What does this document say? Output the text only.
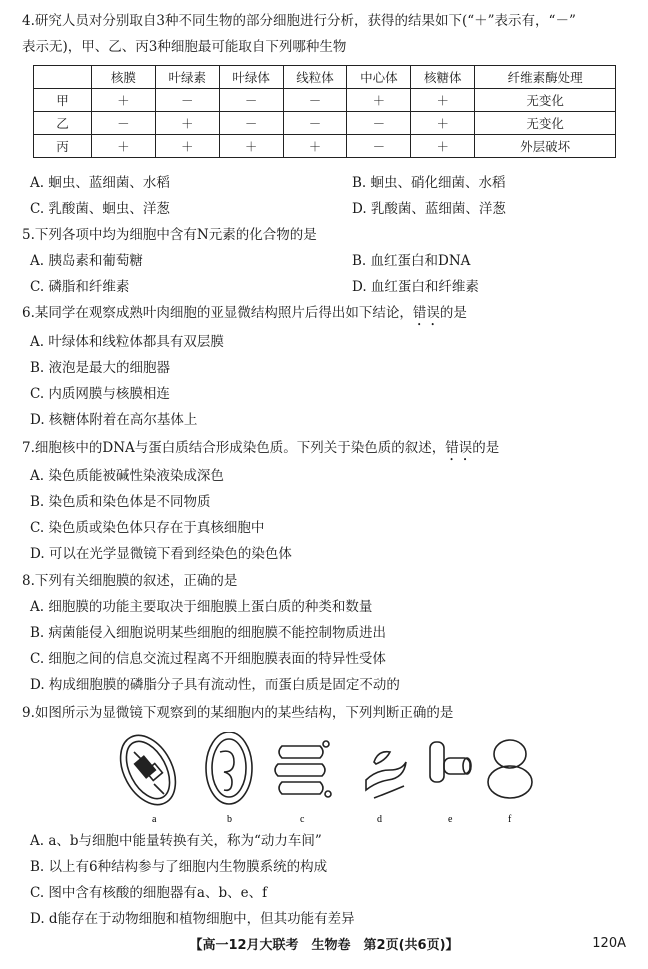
4.研究人员对分别取自3种不同生物的部分细胞进行分析，获得的结果如下(“＋”表示有，“－”
表示无)，甲、乙、丙3种细胞最可能取自下列哪种生物
	核膜	叶绿素	叶绿体	线粒体	中心体	核糖体	纤维素酶处理
甲	＋	－	－	－	＋	＋	无变化
乙	－	＋	－	－	－	＋	无变化
丙	＋	＋	＋	＋	－	＋	外层破坏
A. 蛔虫、蓝细菌、水稻	B. 蛔虫、硝化细菌、水稻
C. 乳酸菌、蛔虫、洋葱	D. 乳酸菌、蓝细菌、洋葱
5.下列各项中均为细胞中含有N元素的化合物的是
A. 胰岛素和葡萄糖	B. 血红蛋白和DNA
C. 磷脂和纤维素	D. 血红蛋白和纤维素
6.某同学在观察成熟叶肉细胞的亚显微结构照片后得出如下结论，错误的是
A. 叶绿体和线粒体都具有双层膜
B. 液泡是最大的细胞器
C. 内质网膜与核膜相连
D. 核糖体附着在高尔基体上
7.细胞核中的DNA与蛋白质结合形成染色质。下列关于染色质的叙述，错误的是
A. 染色质能被碱性染液染成深色
B. 染色质和染色体是不同物质
C. 染色质或染色体只存在于真核细胞中
D. 可以在光学显微镜下看到经染色的染色体
8.下列有关细胞膜的叙述，正确的是
A. 细胞膜的功能主要取决于细胞膜上蛋白质的种类和数量
B. 病菌能侵入细胞说明某些细胞的细胞膜不能控制物质进出
C. 细胞之间的信息交流过程离不开细胞膜表面的特异性受体
D. 构成细胞膜的磷脂分子具有流动性，而蛋白质是固定不动的
9.如图所示为显微镜下观察到的某细胞内的某些结构，下列判断正确的是
a	b	c	d	e	f
A. a、b与细胞中能量转换有关，称为“动力车间”
B. 以上有6种结构参与了细胞内生物膜系统的构成
C. 图中含有核酸的细胞器有a、b、e、f
D. d能存在于动物细胞和植物细胞中，但其功能有差异
【高一12月大联考　生物卷　第2页(共6页)】	120A
